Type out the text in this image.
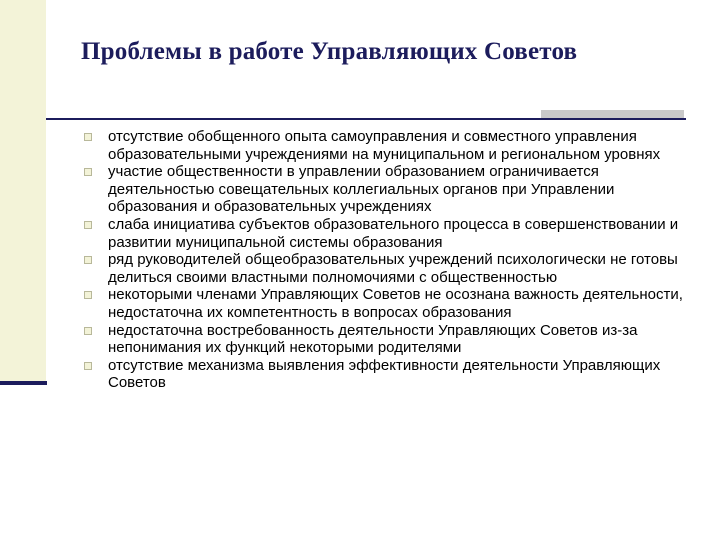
Проблемы в работе Управляющих Советов
отсутствие обобщенного опыта самоуправления и совместного управления образовательными учреждениями на муниципальном и региональном уровнях
участие общественности в управлении образованием ограничивается деятельностью совещательных коллегиальных органов при Управлении образования и образовательных учреждениях
слаба инициатива субъектов образовательного процесса в совершенствовании и развитии муниципальной системы образования
ряд руководителей общеобразовательных учреждений психологически не готовы делиться своими властными полномочиями с общественностью
некоторыми членами Управляющих Советов не осознана важность деятельности, недостаточна их компетентность в вопросах образования
недостаточна востребованность деятельности Управляющих Советов из-за непонимания их функций некоторыми родителями
отсутствие механизма выявления эффективности деятельности Управляющих Советов
